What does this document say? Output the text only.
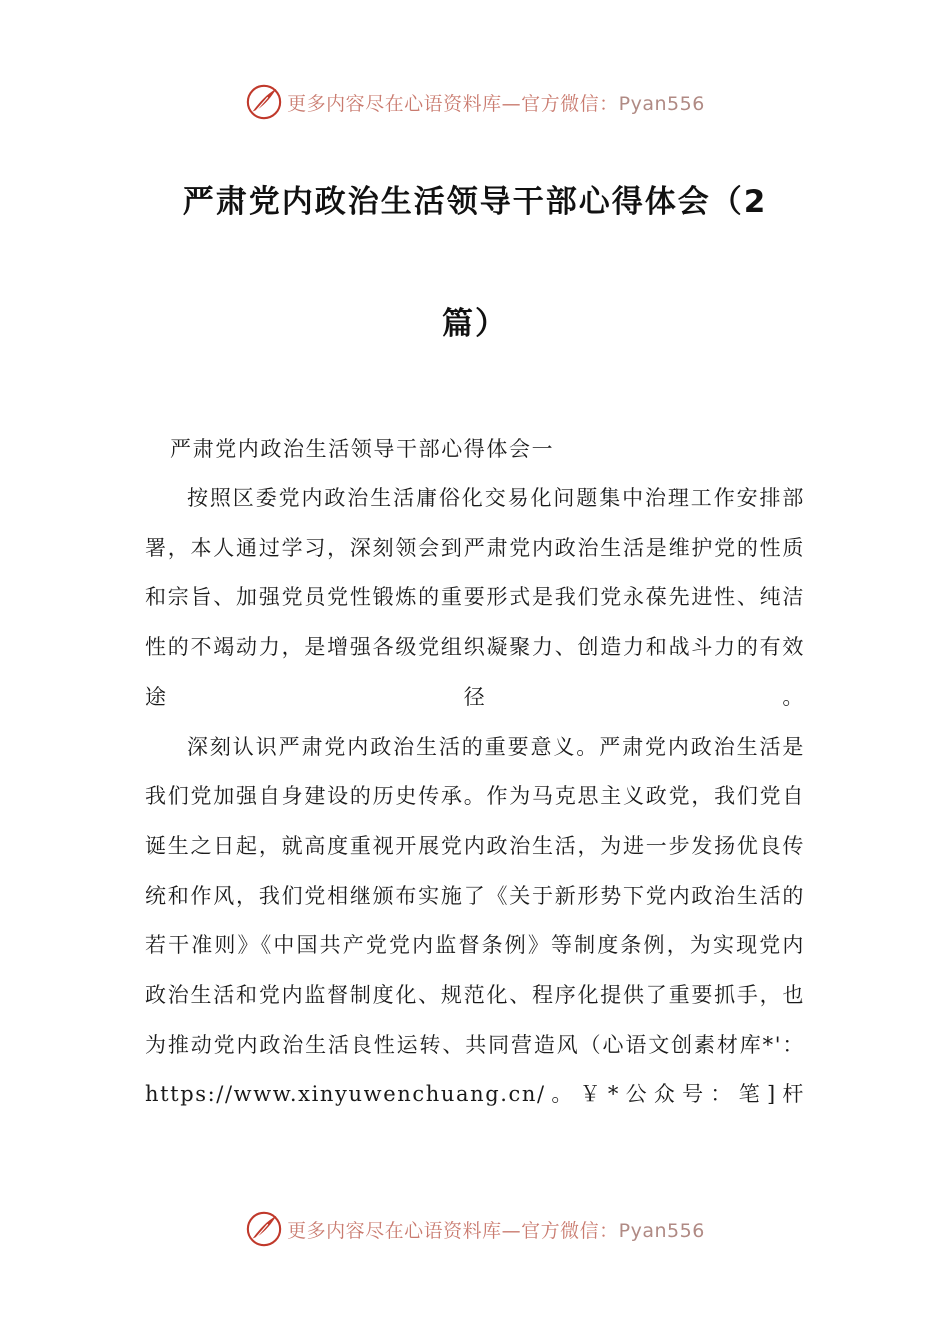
更多内容尽在心语资料库—官方微信：Pyan556
严肃党内政治生活领导干部心得体会（2
篇）
严肃党内政治生活领导干部心得体会一

按照区委党内政治生活庸俗化交易化问题集中治理工作安排部署，本人通过学习，深刻领会到严肃党内政治生活是维护党的性质和宗旨、加强党员党性锻炼的重要形式是我们党永葆先进性、纯洁性的不竭动力，是增强各级党组织凝聚力、创造力和战斗力的有效途径。

深刻认识严肃党内政治生活的重要意义。严肃党内政治生活是我们党加强自身建设的历史传承。作为马克思主义政党，我们党自诞生之日起，就高度重视开展党内政治生活，为进一步发扬优良传统和作风，我们党相继颁布实施了《关于新形势下党内政治生活的若干准则》《中国共产党党内监督条例》等制度条例，为实现党内政治生活和党内监督制度化、规范化、程序化提供了重要抓手，也为推动党内政治生活良性运转、共同营造风（心语文创素材库*'：https://www.xinyuwenchuang.cn/。￥*公众号：笔]杆

更多内容尽在心语资料库—官方微信：Pyan556
